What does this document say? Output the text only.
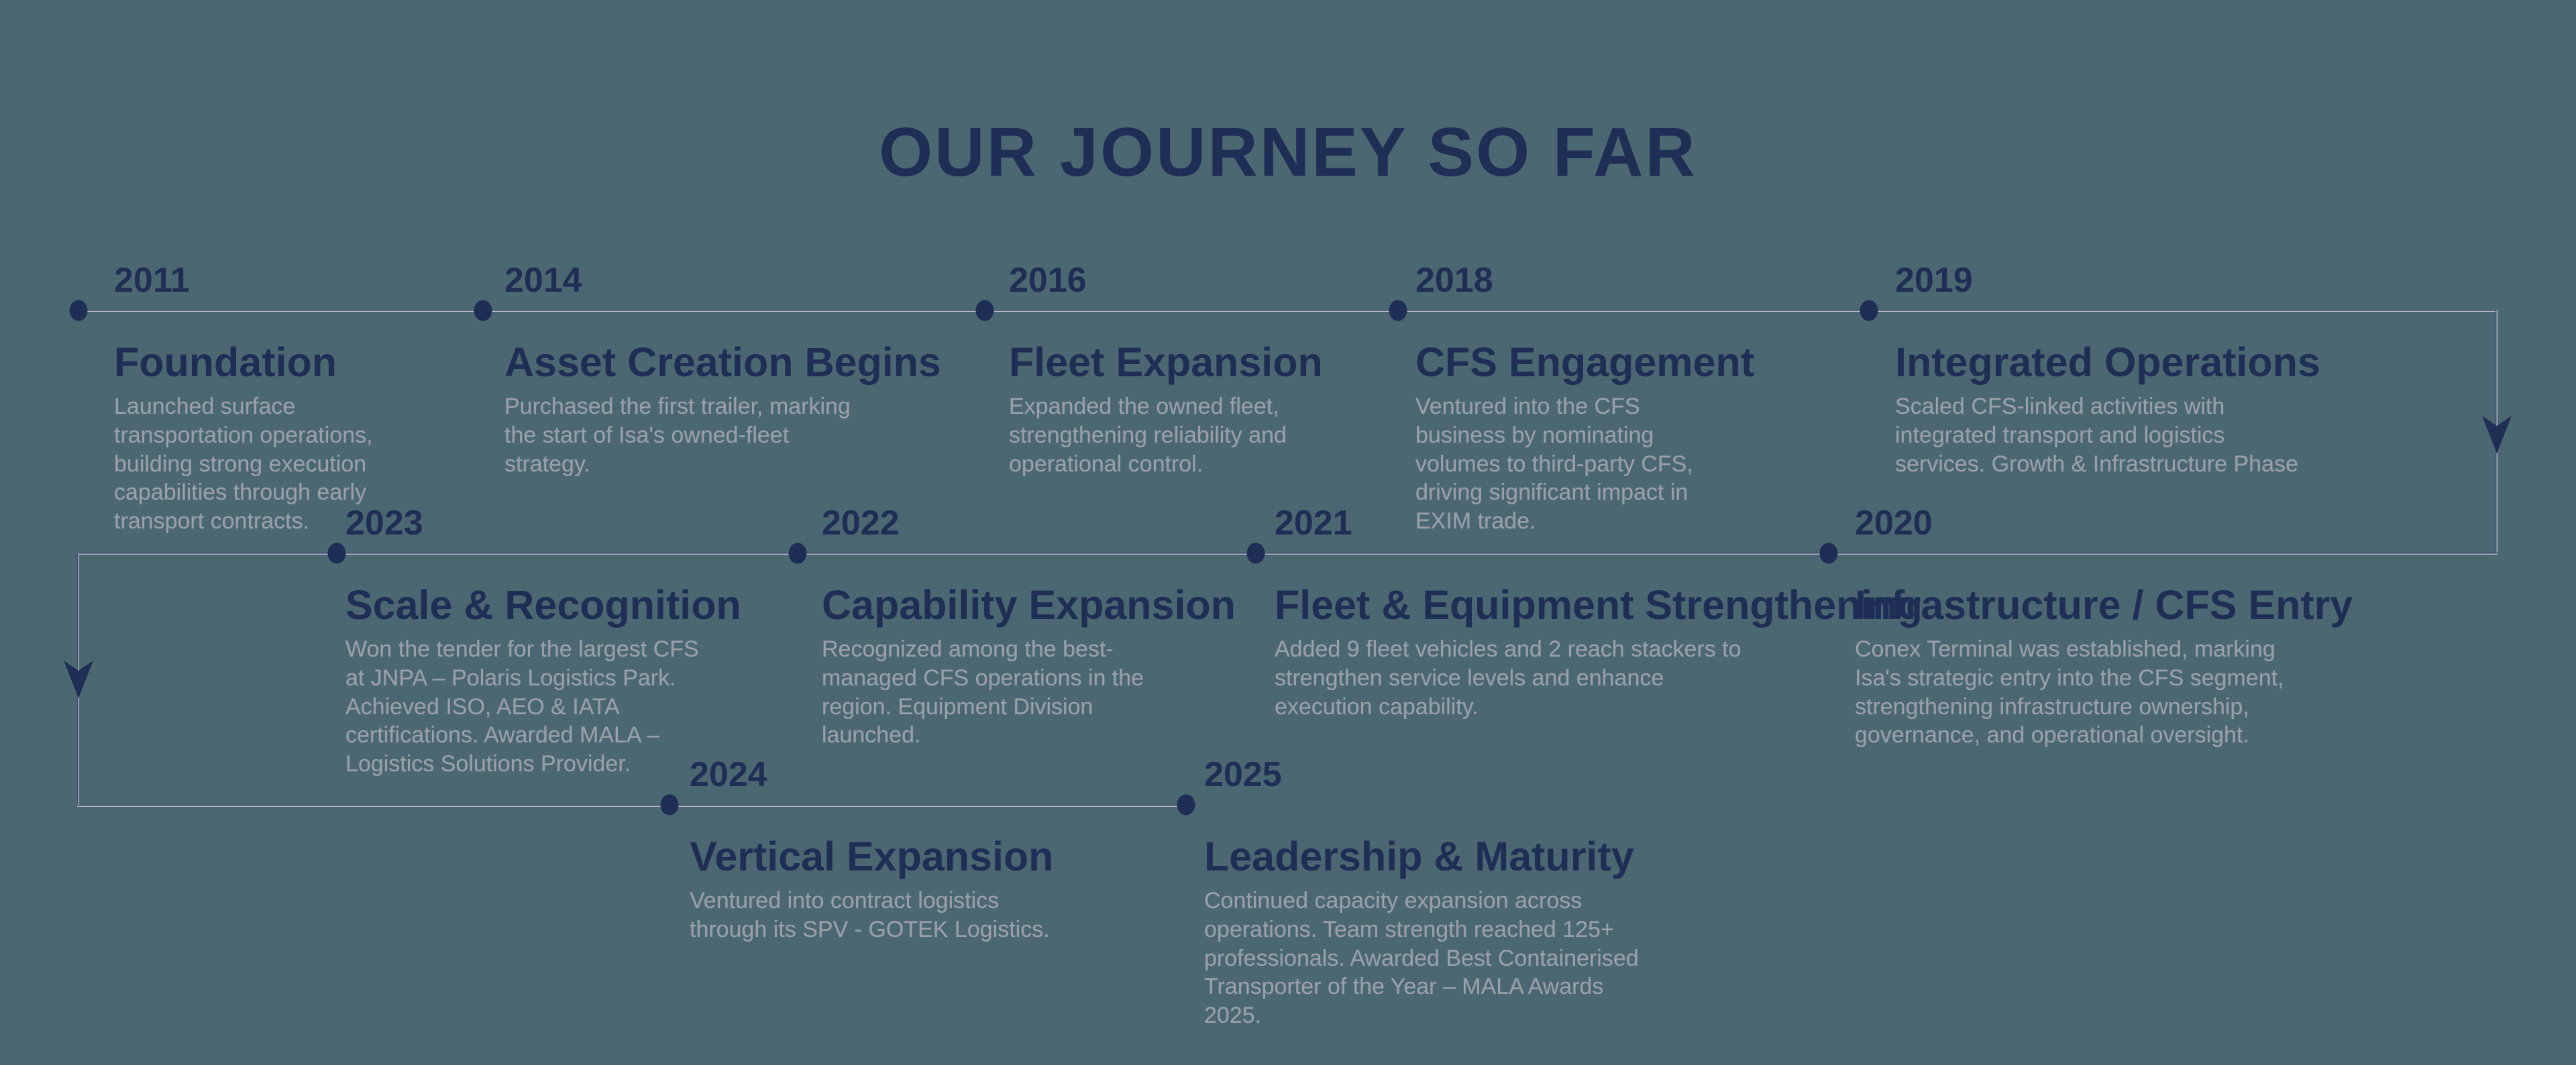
OUR JOURNEY SO FAR
2011
Foundation
Launched surface transportation operations, building strong execution capabilities through early transport contracts.
2014
Asset Creation Begins
Purchased the first trailer, marking the start of Isa's owned-fleet strategy.
2016
Fleet Expansion
Expanded the owned fleet, strengthening reliability and operational control.
2018
CFS Engagement
Ventured into the CFS business by nominating volumes to third-party CFS, driving significant impact in EXIM trade.
2019
Integrated Operations
Scaled CFS-linked activities with integrated transport and logistics services. Growth & Infrastructure Phase
2023
Scale & Recognition
Won the tender for the largest CFS at JNPA – Polaris Logistics Park. Achieved ISO, AEO & IATA certifications. Awarded MALA – Logistics Solutions Provider.
2022
Capability Expansion
Recognized among the best-managed CFS operations in the region. Equipment Division launched.
2021
Fleet & Equipment Strengthening
Added 9 fleet vehicles and 2 reach stackers to strengthen service levels and enhance execution capability.
2020
Infrastructure / CFS Entry
Conex Terminal was established, marking Isa's strategic entry into the CFS segment, strengthening infrastructure ownership, governance, and operational oversight.
2024
Vertical Expansion
Ventured into contract logistics through its SPV - GOTEK Logistics.
2025
Leadership & Maturity
Continued capacity expansion across operations. Team strength reached 125+ professionals. Awarded Best Containerised Transporter of the Year – MALA Awards 2025.
